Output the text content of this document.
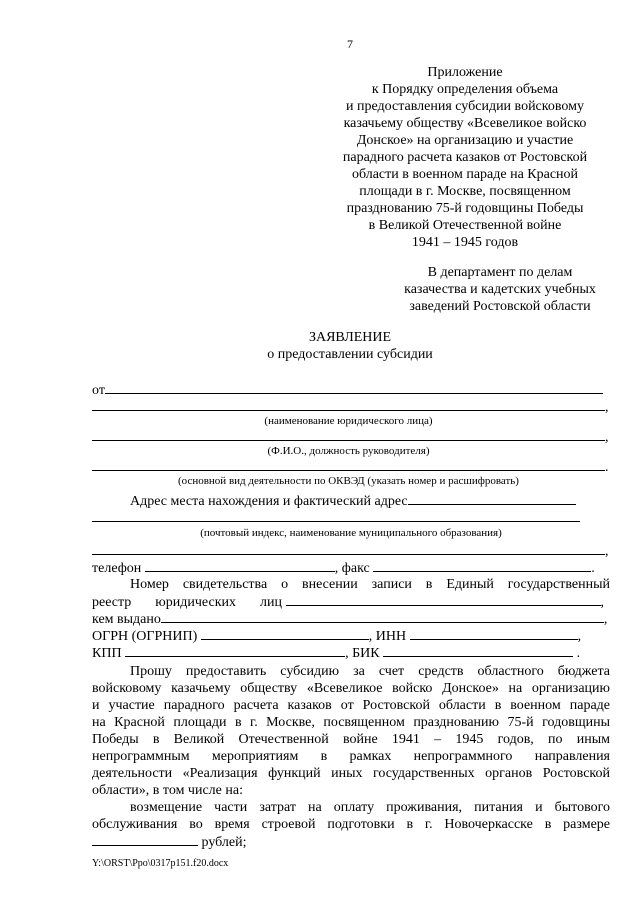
7
Приложение
к Порядку определения объема
и предоставления субсидии войсковому
казачьему обществу «Всевеликое войско
Донское» на организацию и участие
парадного расчета казаков от Ростовской
области в военном параде на Красной
площади в г. Москве, посвященном
празднованию 75-й годовщины Победы
в Великой Отечественной войне
1941 – 1945 годов
В департамент по делам
казачества и кадетских учебных
заведений Ростовской области
ЗАЯВЛЕНИЕ
о предоставлении субсидии
от
,
(наименование юридического лица)
,
(Ф.И.О., должность руководителя)
.
(основной вид деятельности по ОКВЭД (указать номер и расшифровать)
Адрес места нахождения и фактический адрес
(почтовый индекс, наименование муниципального образования)
,
телефон	, факс	.
Номер свидетельства о внесении записи в Единый государственный
реестр юридических лиц	,
кем выдано	,
ОГРН (ОГРНИП)	, ИНН	,
КПП	, БИК	.
Прошу предоставить субсидию за счет средств областного бюджета
войсковому казачьему обществу «Всевеликое войско Донское» на организацию
и участие парадного расчета казаков от Ростовской области в военном параде
на Красной площади в г. Москве, посвященном празднованию 75-й годовщины
Победы в Великой Отечественной войне 1941 – 1945 годов, по иным
непрограммным мероприятиям в рамках непрограммного направления
деятельности «Реализация функций иных государственных органов Ростовской
области», в том числе на:
возмещение части затрат на оплату проживания, питания и бытового
обслуживания во время строевой подготовки в г. Новочеркасске в размере
рублей;
Y:\ORST\Ppo\0317p151.f20.docx
